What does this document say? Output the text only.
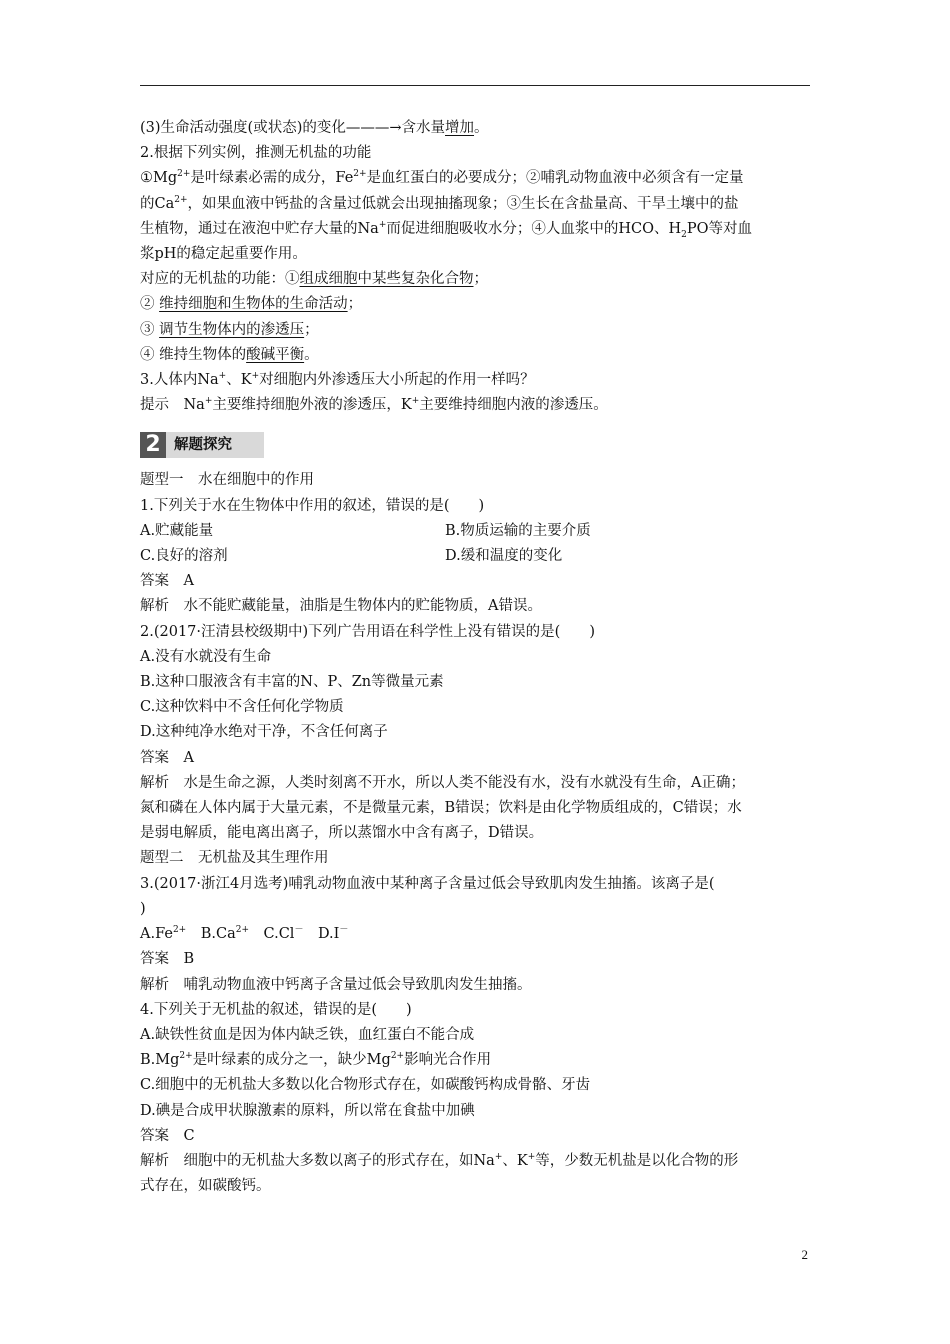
(3)生命活动强度(或状态)的变化———→含水量增加。

2.根据下列实例，推测无机盐的功能

$①Mg^{2+}$是叶绿素必需的成分，$Fe^{2+}$是血红蛋白的必要成分；②哺乳动物血液中必须含有一定量

的$Ca^{2+}$，如果血液中钙盐的含量过低就会出现抽搐现象；③生长在含盐量高、干旱土壤中的盐

生植物，通过在液泡中贮存大量的Na+而促进细胞吸收水分；④人血浆中的HCO、$H_2PO$等对血

浆pH的稳定起重要作用。

对应的无机盐的功能：①组成细胞中某些复杂化合物；

② 维持细胞和生物体的生命活动；

③ 调节生物体内的渗透压；

④ 维持生物体的酸碱平衡。

3.人体内Na+、K+对细胞内外渗透压大小所起的作用一样吗？

提示　Na+主要维持细胞外液的渗透压，K+主要维持细胞内液的渗透压。

2 解题探究

题型一　水在细胞中的作用

1.下列关于水在生物体中作用的叙述，错误的是(　　)

A.贮藏能量	B.物质运输的主要介质
C.良好的溶剂	D.缓和温度的变化

答案　A

解析　水不能贮藏能量，油脂是生物体内的贮能物质，A错误。

2.(2017·汪清县校级期中)下列广告用语在科学性上没有错误的是(　　)

A.没有水就没有生命

B.这种口服液含有丰富的N、P、Zn等微量元素

C.这种饮料中不含任何化学物质

D.这种纯净水绝对干净，不含任何离子

答案　A

解析　水是生命之源，人类时刻离不开水，所以人类不能没有水，没有水就没有生命，A正确；

氮和磷在人体内属于大量元素，不是微量元素，B错误；饮料是由化学物质组成的，C错误；水

是弱电解质，能电离出离子，所以蒸馏水中含有离子，D错误。

题型二　无机盐及其生理作用

3.(2017·浙江4月选考)哺乳动物血液中某种离子含量过低会导致肌肉发生抽搐。该离子是(

)

$A.Fe^{2+}$　$B.Ca^{2+}$　C.Cl－　D.I－

答案　B

解析　哺乳动物血液中钙离子含量过低会导致肌肉发生抽搐。

4.下列关于无机盐的叙述，错误的是(　　)

A.缺铁性贫血是因为体内缺乏铁，血红蛋白不能合成

$B.Mg^{2+}$是叶绿素的成分之一，缺少$Mg^{2+}$影响光合作用

C.细胞中的无机盐大多数以化合物形式存在，如碳酸钙构成骨骼、牙齿

D.碘是合成甲状腺激素的原料，所以常在食盐中加碘

答案　C

解析　细胞中的无机盐大多数以离子的形式存在，如Na+、K+等，少数无机盐是以化合物的形

式存在，如碳酸钙。

2
